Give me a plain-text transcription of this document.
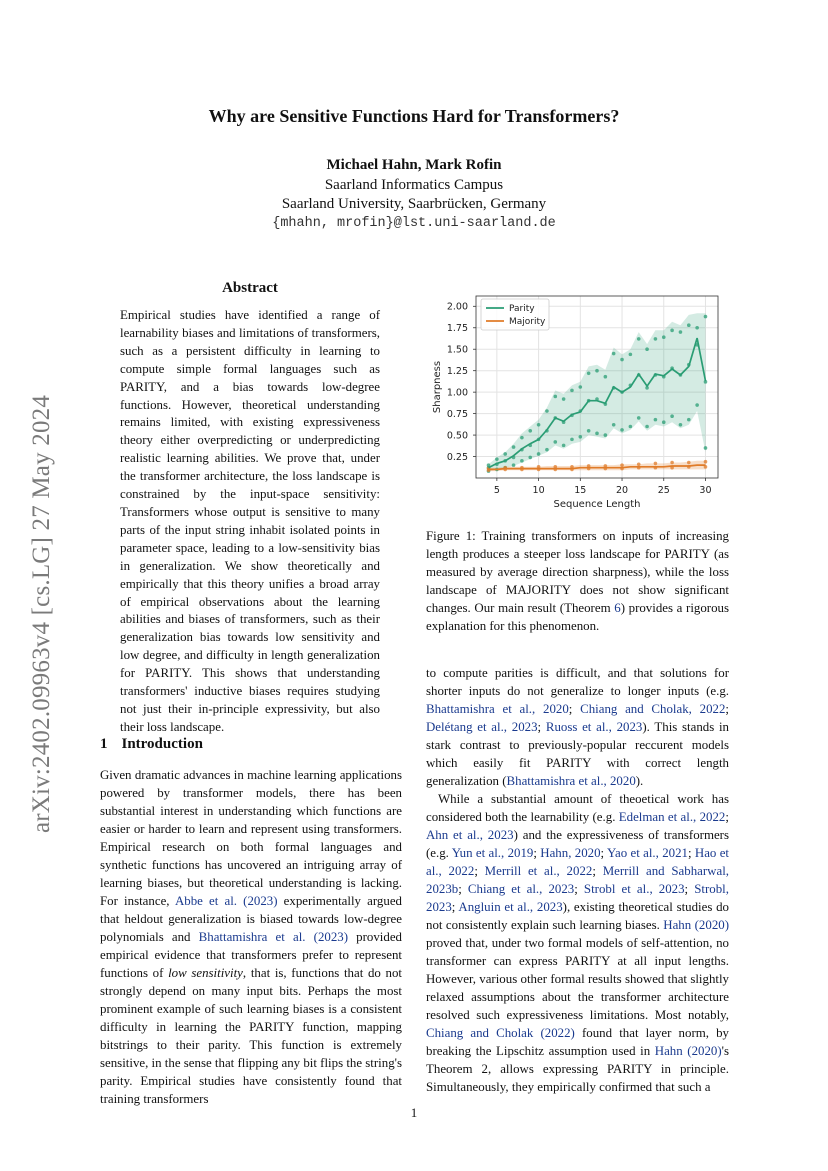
arXiv:2402.09963v4 [cs.LG] 27 May 2024
Why are Sensitive Functions Hard for Transformers?
Michael Hahn, Mark Rofin
Saarland Informatics Campus
Saarland University, Saarbrücken, Germany
{mhahn, mrofin}@lst.uni-saarland.de
Abstract
Empirical studies have identified a range of learnability biases and limitations of transformers, such as a persistent difficulty in learning to compute simple formal languages such as PARITY, and a bias towards low-degree functions. However, theoretical understanding remains limited, with existing expressiveness theory either overpredicting or underpredicting realistic learning abilities. We prove that, under the transformer architecture, the loss landscape is constrained by the input-space sensitivity: Transformers whose output is sensitive to many parts of the input string inhabit isolated points in parameter space, leading to a low-sensitivity bias in generalization. We show theoretically and empirically that this theory unifies a broad array of empirical observations about the learning abilities and biases of transformers, such as their generalization bias towards low sensitivity and low degree, and difficulty in length generalization for PARITY. This shows that understanding transformers' inductive biases requires studying not just their in-principle expressivity, but also their loss landscape.
1 Introduction
Given dramatic advances in machine learning applications powered by transformer models, there has been substantial interest in understanding which functions are easier or harder to learn and represent using transformers. Empirical research on both formal languages and synthetic functions has uncovered an intriguing array of learning biases, but theoretical understanding is lacking. For instance, Abbe et al. (2023) experimentally argued that heldout generalization is biased towards low-degree polynomials and Bhattamishra et al. (2023) provided empirical evidence that transformers prefer to represent functions of low sensitivity, that is, functions that do not strongly depend on many input bits. Perhaps the most prominent example of such learning biases is a consistent difficulty in learning the PARITY function, mapping bitstrings to their parity. This function is extremely sensitive, in the sense that flipping any bit flips the string's parity. Empirical studies have consistently found that training transformers
5	10	15	20	25	30
0.25
0.50
0.75
1.00
1.25
1.50
1.75
2.00
Sequence Length
Sharpness
Parity
Majority
Figure 1: Training transformers on inputs of increasing length produces a steeper loss landscape for PARITY (as measured by average direction sharpness), while the loss landscape of MAJORITY does not show significant changes. Our main result (Theorem 6) provides a rigorous explanation for this phenomenon.

to compute parities is difficult, and that solutions for shorter inputs do not generalize to longer inputs (e.g. Bhattamishra et al., 2020; Chiang and Cholak, 2022; Delétang et al., 2023; Ruoss et al., 2023). This stands in stark contrast to previously-popular reccurent models which easily fit PARITY with correct length generalization (Bhattamishra et al., 2020).

While a substantial amount of theoetical work has considered both the learnability (e.g. Edelman et al., 2022; Ahn et al., 2023) and the expressiveness of transformers (e.g. Yun et al., 2019; Hahn, 2020; Yao et al., 2021; Hao et al., 2022; Merrill et al., 2022; Merrill and Sabharwal, 2023b; Chiang et al., 2023; Strobl et al., 2023; Strobl, 2023; Angluin et al., 2023), existing theoretical studies do not consistently explain such learning biases. Hahn (2020) proved that, under two formal models of self-attention, no transformer can express PARITY at all input lengths. However, various other formal results showed that slightly relaxed assumptions about the transformer architecture resolved such expressiveness limitations. Most notably, Chiang and Cholak (2022) found that layer norm, by breaking the Lipschitz assumption used in Hahn (2020)'s Theorem 2, allows expressing PARITY in principle. Simultaneously, they empirically confirmed that such a

1
